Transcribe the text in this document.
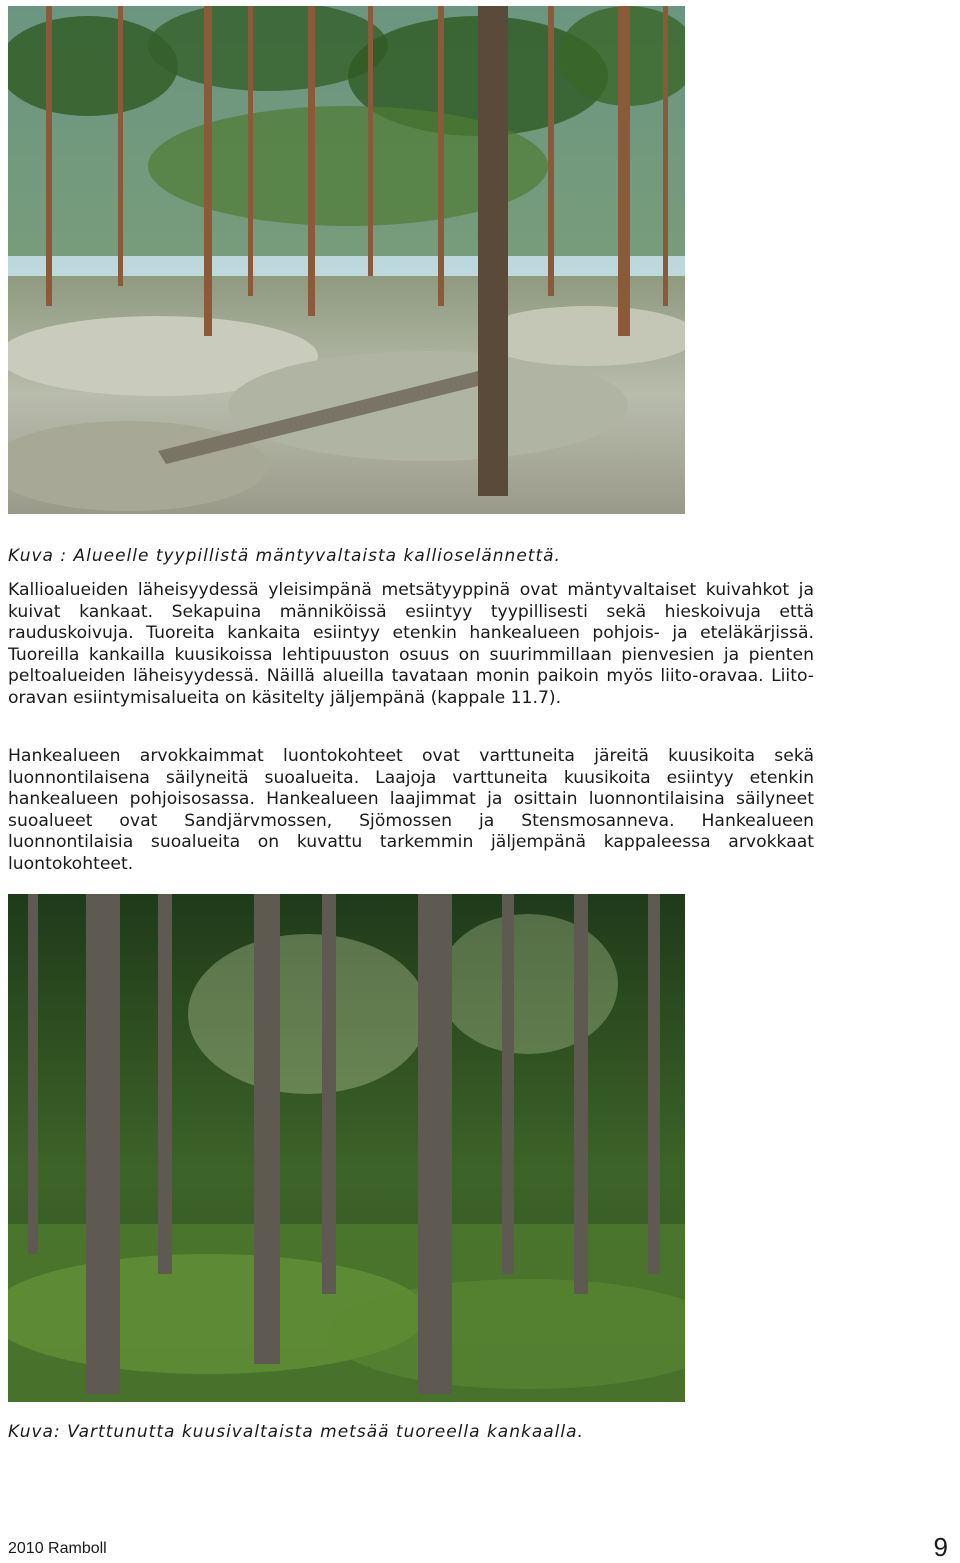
Kuva : Alueelle tyypillistä mäntyvaltaista kallioselännettä.

Kallioalueiden läheisyydessä yleisimpänä metsätyyppinä ovat mäntyvaltaiset kuivahkot ja kuivat kankaat. Sekapuina männiköissä esiintyy tyypillisesti sekä hieskoivuja että rauduskoivuja. Tuoreita kankaita esiintyy etenkin hankealueen pohjois- ja eteläkärjissä. Tuoreilla kankailla kuusikoissa lehtipuuston osuus on suurimmillaan pienvesien ja pienten peltoalueiden läheisyydessä. Näillä alueilla tavataan monin paikoin myös liito-oravaa. Liito-oravan esiintymisalueita on käsitelty jäljempänä (kappale 11.7).

Hankealueen arvokkaimmat luontokohteet ovat varttuneita järeitä kuusikoita sekä luonnontilaisena säilyneitä suoalueita. Laajoja varttuneita kuusikoita esiintyy etenkin hankealueen pohjoisosassa. Hankealueen laajimmat ja osittain luonnontilaisina säilyneet suoalueet ovat Sandjärvmossen, Sjömossen ja Stensmosanneva. Hankealueen luonnontilaisia suoalueita on kuvattu tarkemmin jäljempänä kappaleessa arvokkaat luontokohteet.

Kuva: Varttunutta kuusivaltaista metsää tuoreella kankaalla.
2010 Ramboll	9
